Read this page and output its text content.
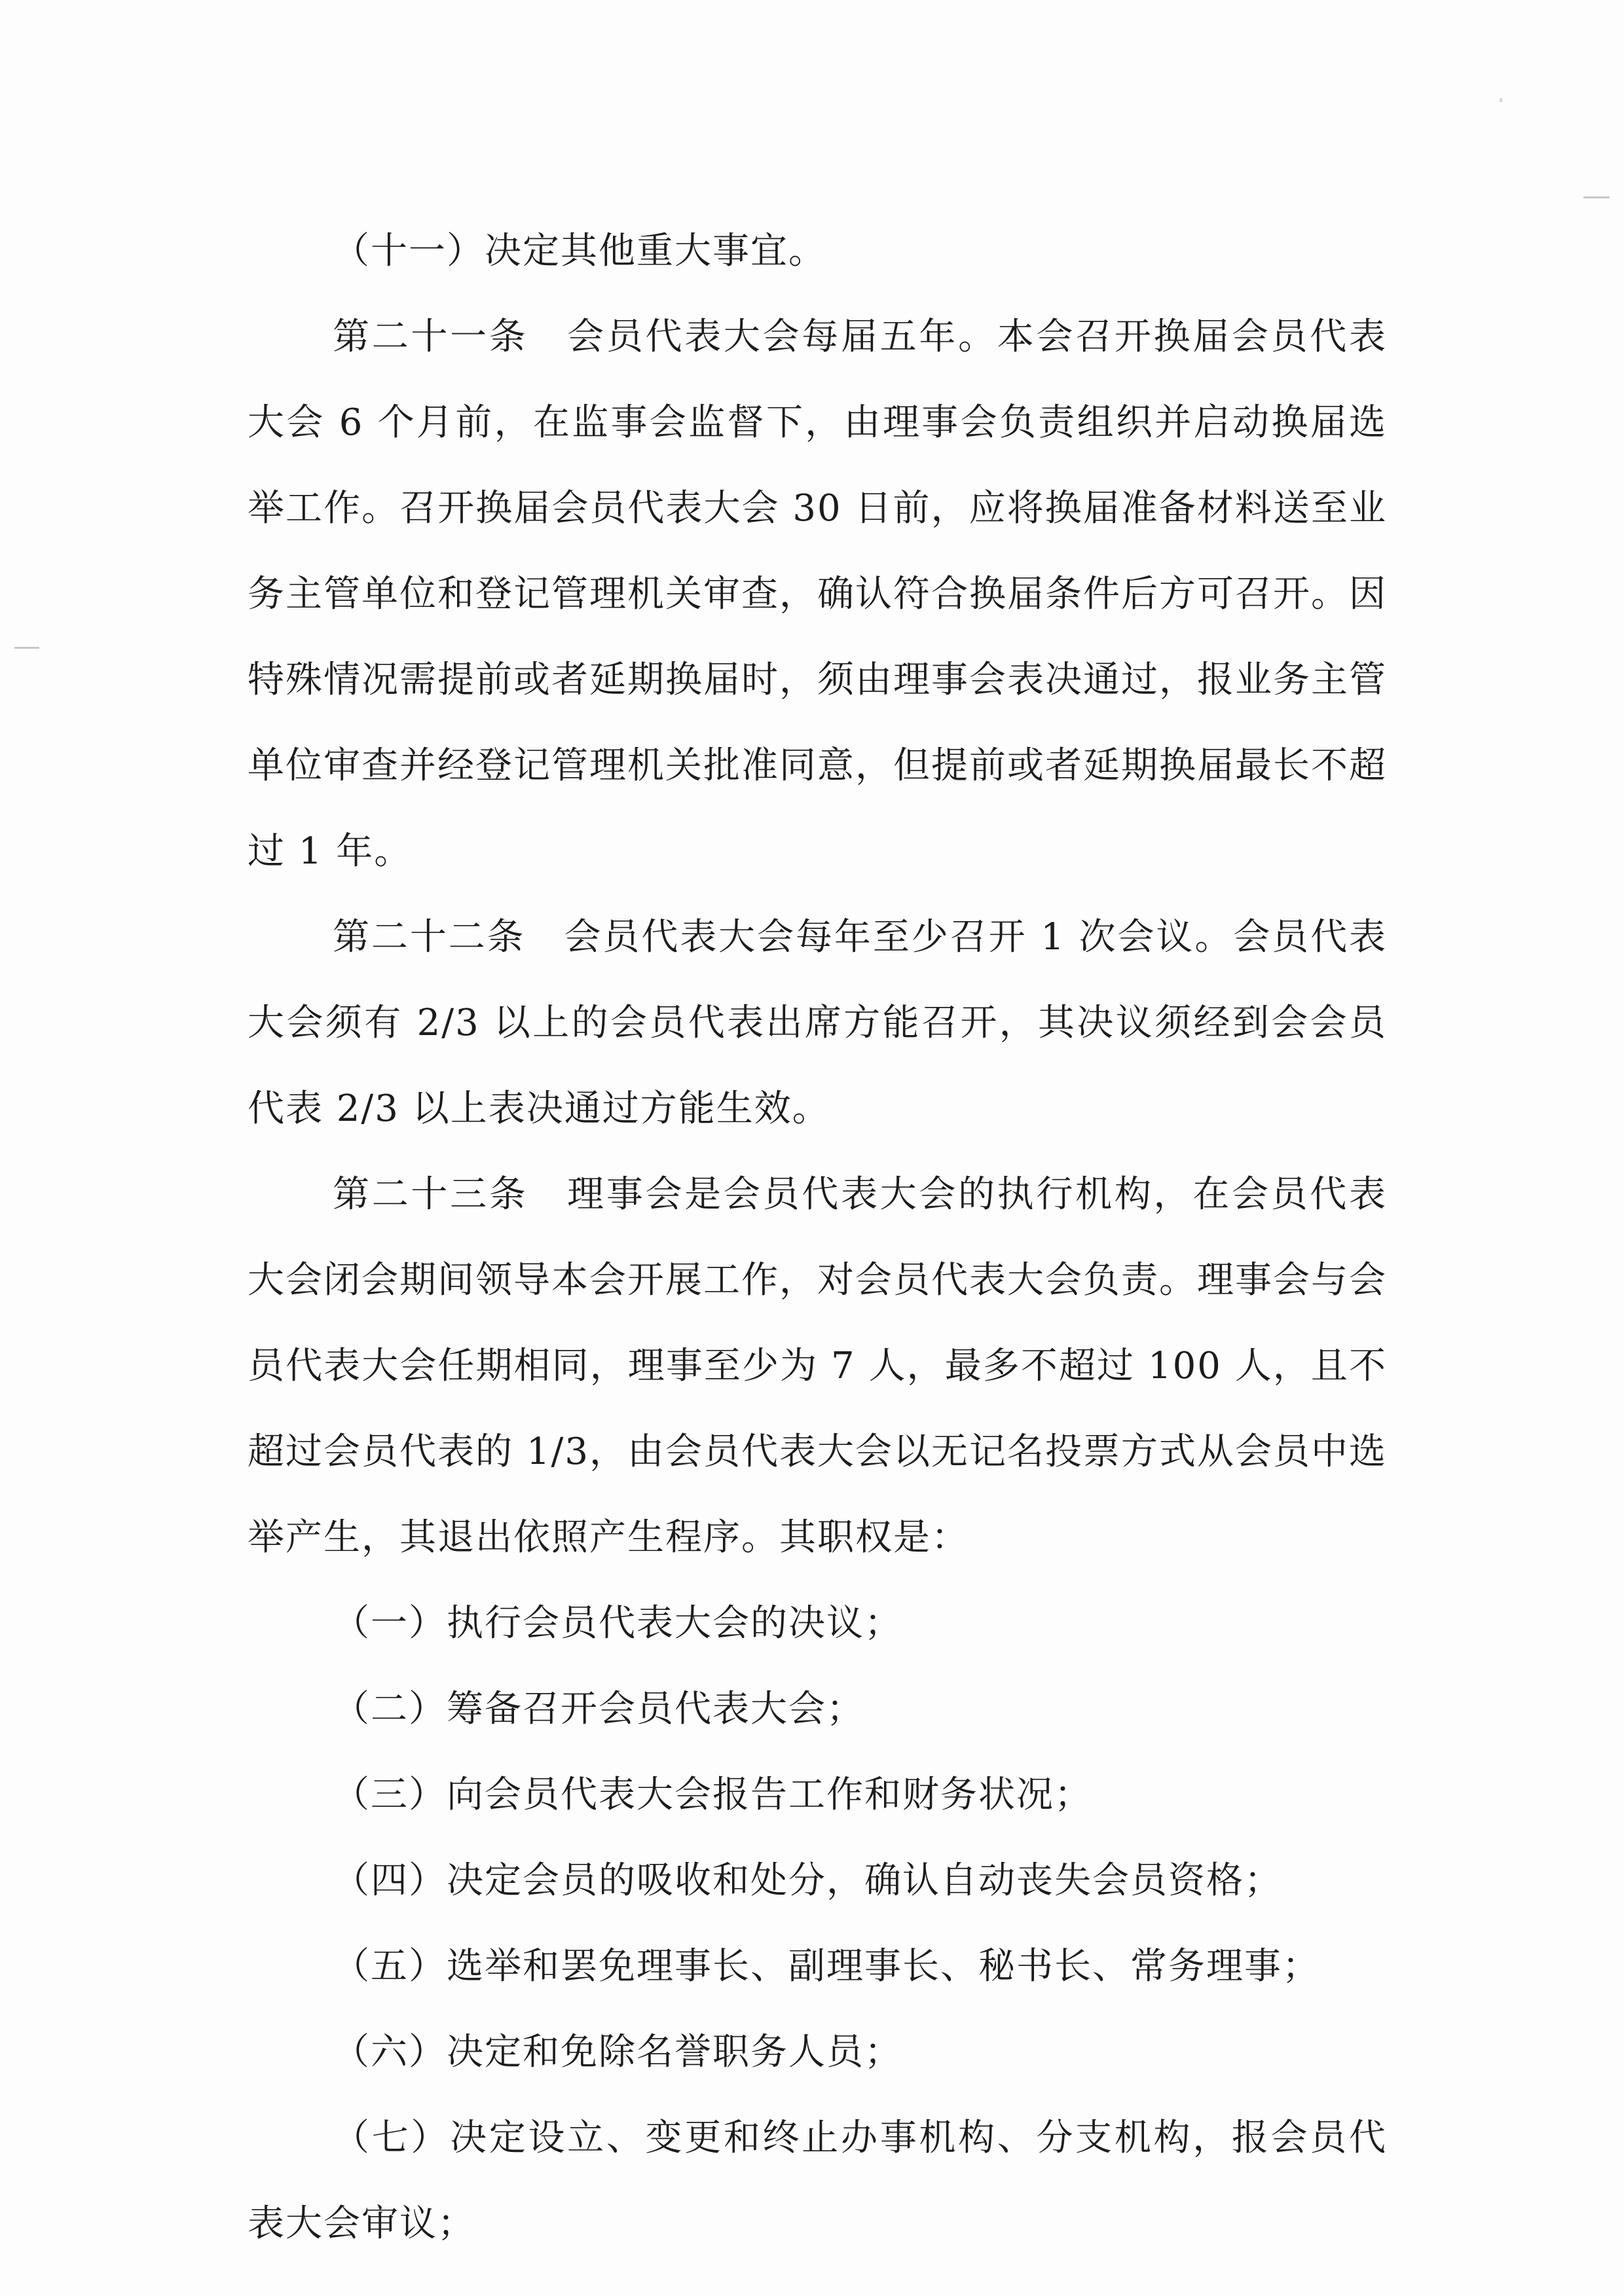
（十一）决定其他重大事宜。

第二十一条　会员代表大会每届五年。本会召开换届会员代表大会 6 个月前，在监事会监督下，由理事会负责组织并启动换届选举工作。召开换届会员代表大会 30 日前，应将换届准备材料送至业务主管单位和登记管理机关审查，确认符合换届条件后方可召开。因特殊情况需提前或者延期换届时，须由理事会表决通过，报业务主管单位审查并经登记管理机关批准同意，但提前或者延期换届最长不超过 1 年。

第二十二条　会员代表大会每年至少召开 1 次会议。会员代表大会须有 2/3 以上的会员代表出席方能召开，其决议须经到会会员代表 2/3 以上表决通过方能生效。

第二十三条　理事会是会员代表大会的执行机构，在会员代表大会闭会期间领导本会开展工作，对会员代表大会负责。理事会与会员代表大会任期相同，理事至少为 7 人，最多不超过 100 人，且不超过会员代表的 1/3，由会员代表大会以无记名投票方式从会员中选举产生，其退出依照产生程序。其职权是：

（一）执行会员代表大会的决议；

（二）筹备召开会员代表大会；

（三）向会员代表大会报告工作和财务状况；

（四）决定会员的吸收和处分，确认自动丧失会员资格；

（五）选举和罢免理事长、副理事长、秘书长、常务理事；

（六）决定和免除名誉职务人员；

（七）决定设立、变更和终止办事机构、分支机构，报会员代表大会审议；
